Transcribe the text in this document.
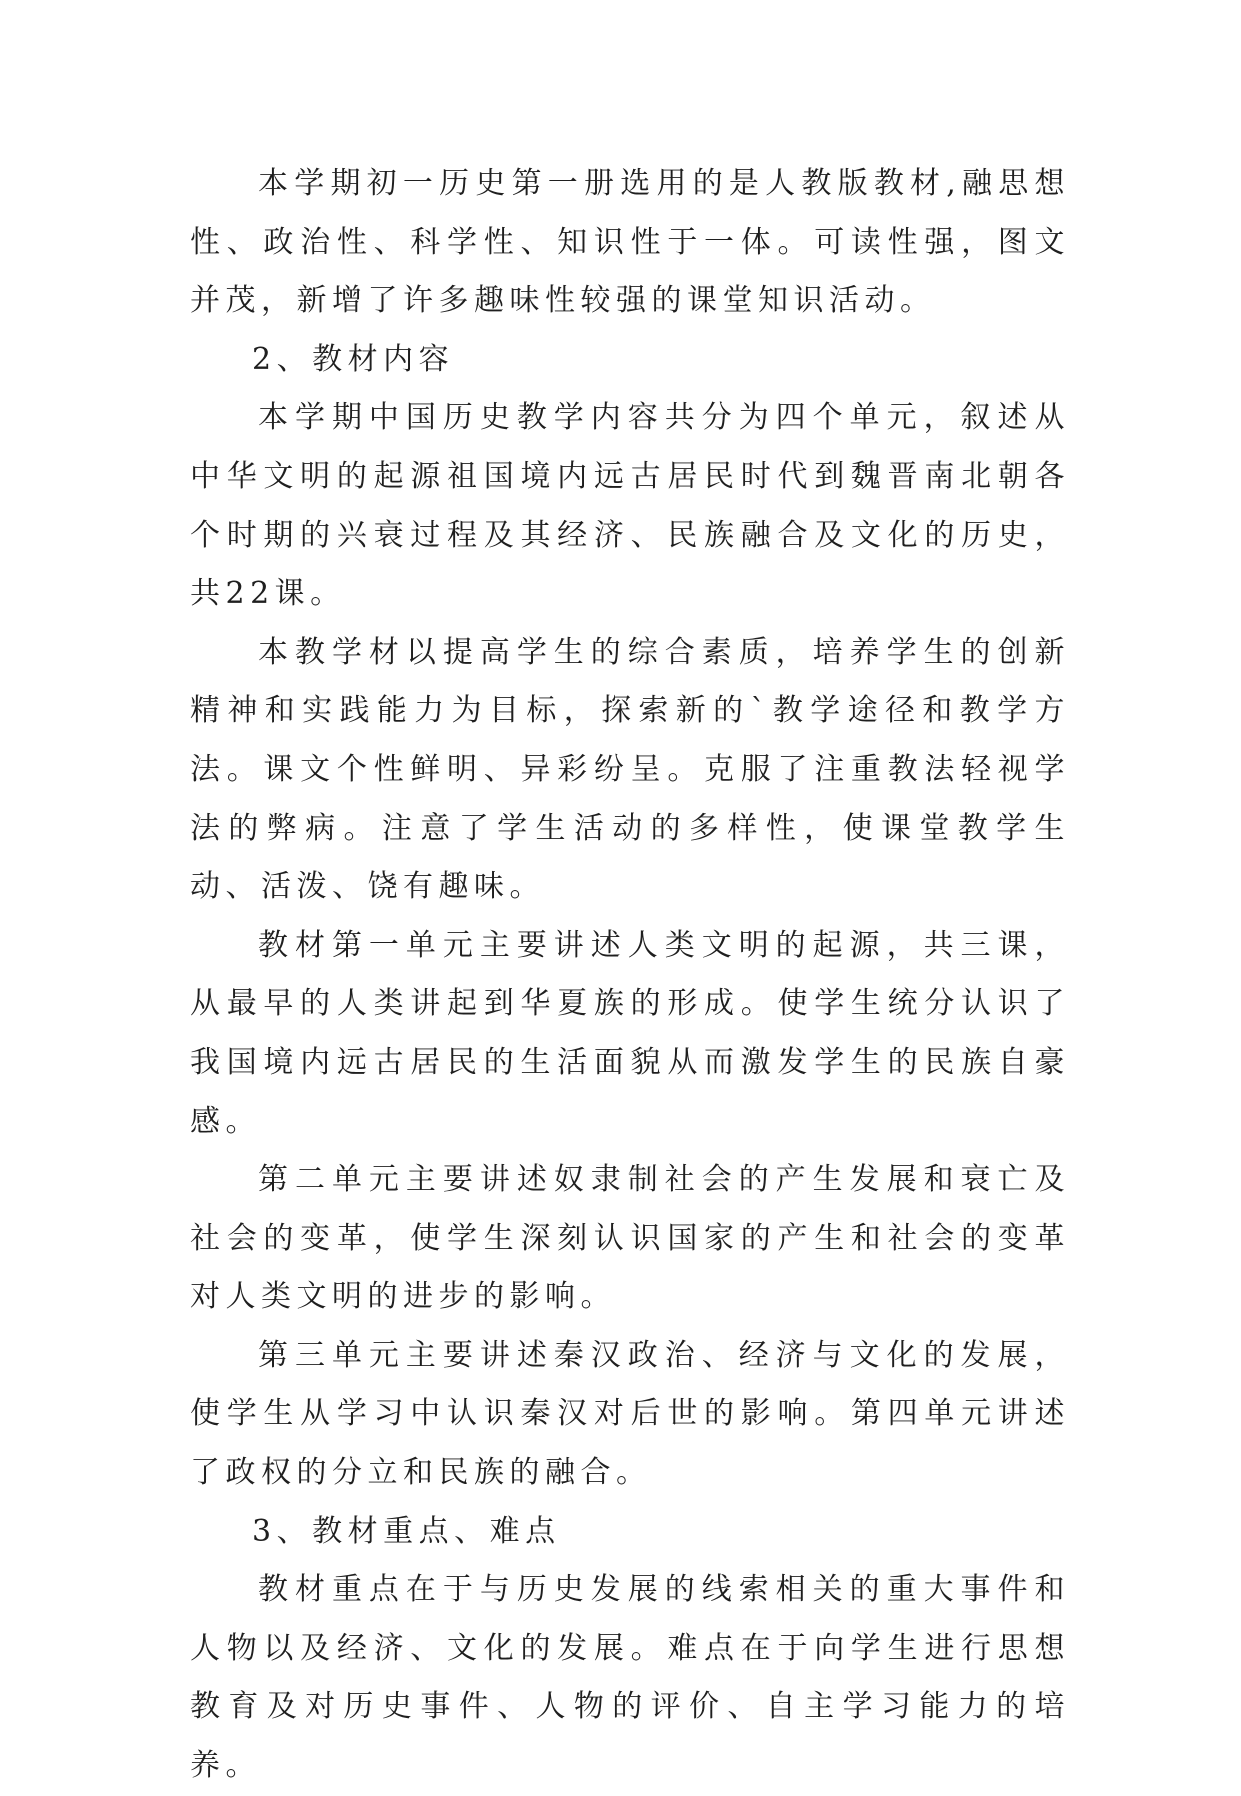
本学期初一历史第一册选用的是人教版教材,融思想性、政治性、科学性、知识性于一体。可读性强，图文并茂，新增了许多趣味性较强的课堂知识活动。

2、教材内容

本学期中国历史教学内容共分为四个单元，叙述从中华文明的起源祖国境内远古居民时代到魏晋南北朝各个时期的兴衰过程及其经济、民族融合及文化的历史，共22课。

本教学材以提高学生的综合素质，培养学生的创新精神和实践能力为目标，探索新的`教学途径和教学方法。课文个性鲜明、异彩纷呈。克服了注重教法轻视学法的弊病。注意了学生活动的多样性，使课堂教学生动、活泼、饶有趣味。

教材第一单元主要讲述人类文明的起源，共三课，从最早的人类讲起到华夏族的形成。使学生统分认识了我国境内远古居民的生活面貌从而激发学生的民族自豪感。

第二单元主要讲述奴隶制社会的产生发展和衰亡及社会的变革，使学生深刻认识国家的产生和社会的变革对人类文明的进步的影响。

第三单元主要讲述秦汉政治、经济与文化的发展，使学生从学习中认识秦汉对后世的影响。第四单元讲述了政权的分立和民族的融合。

3、教材重点、难点

教材重点在于与历史发展的线索相关的重大事件和人物以及经济、文化的发展。难点在于向学生进行思想教育及对历史事件、人物的评价、自主学习能力的培养。
